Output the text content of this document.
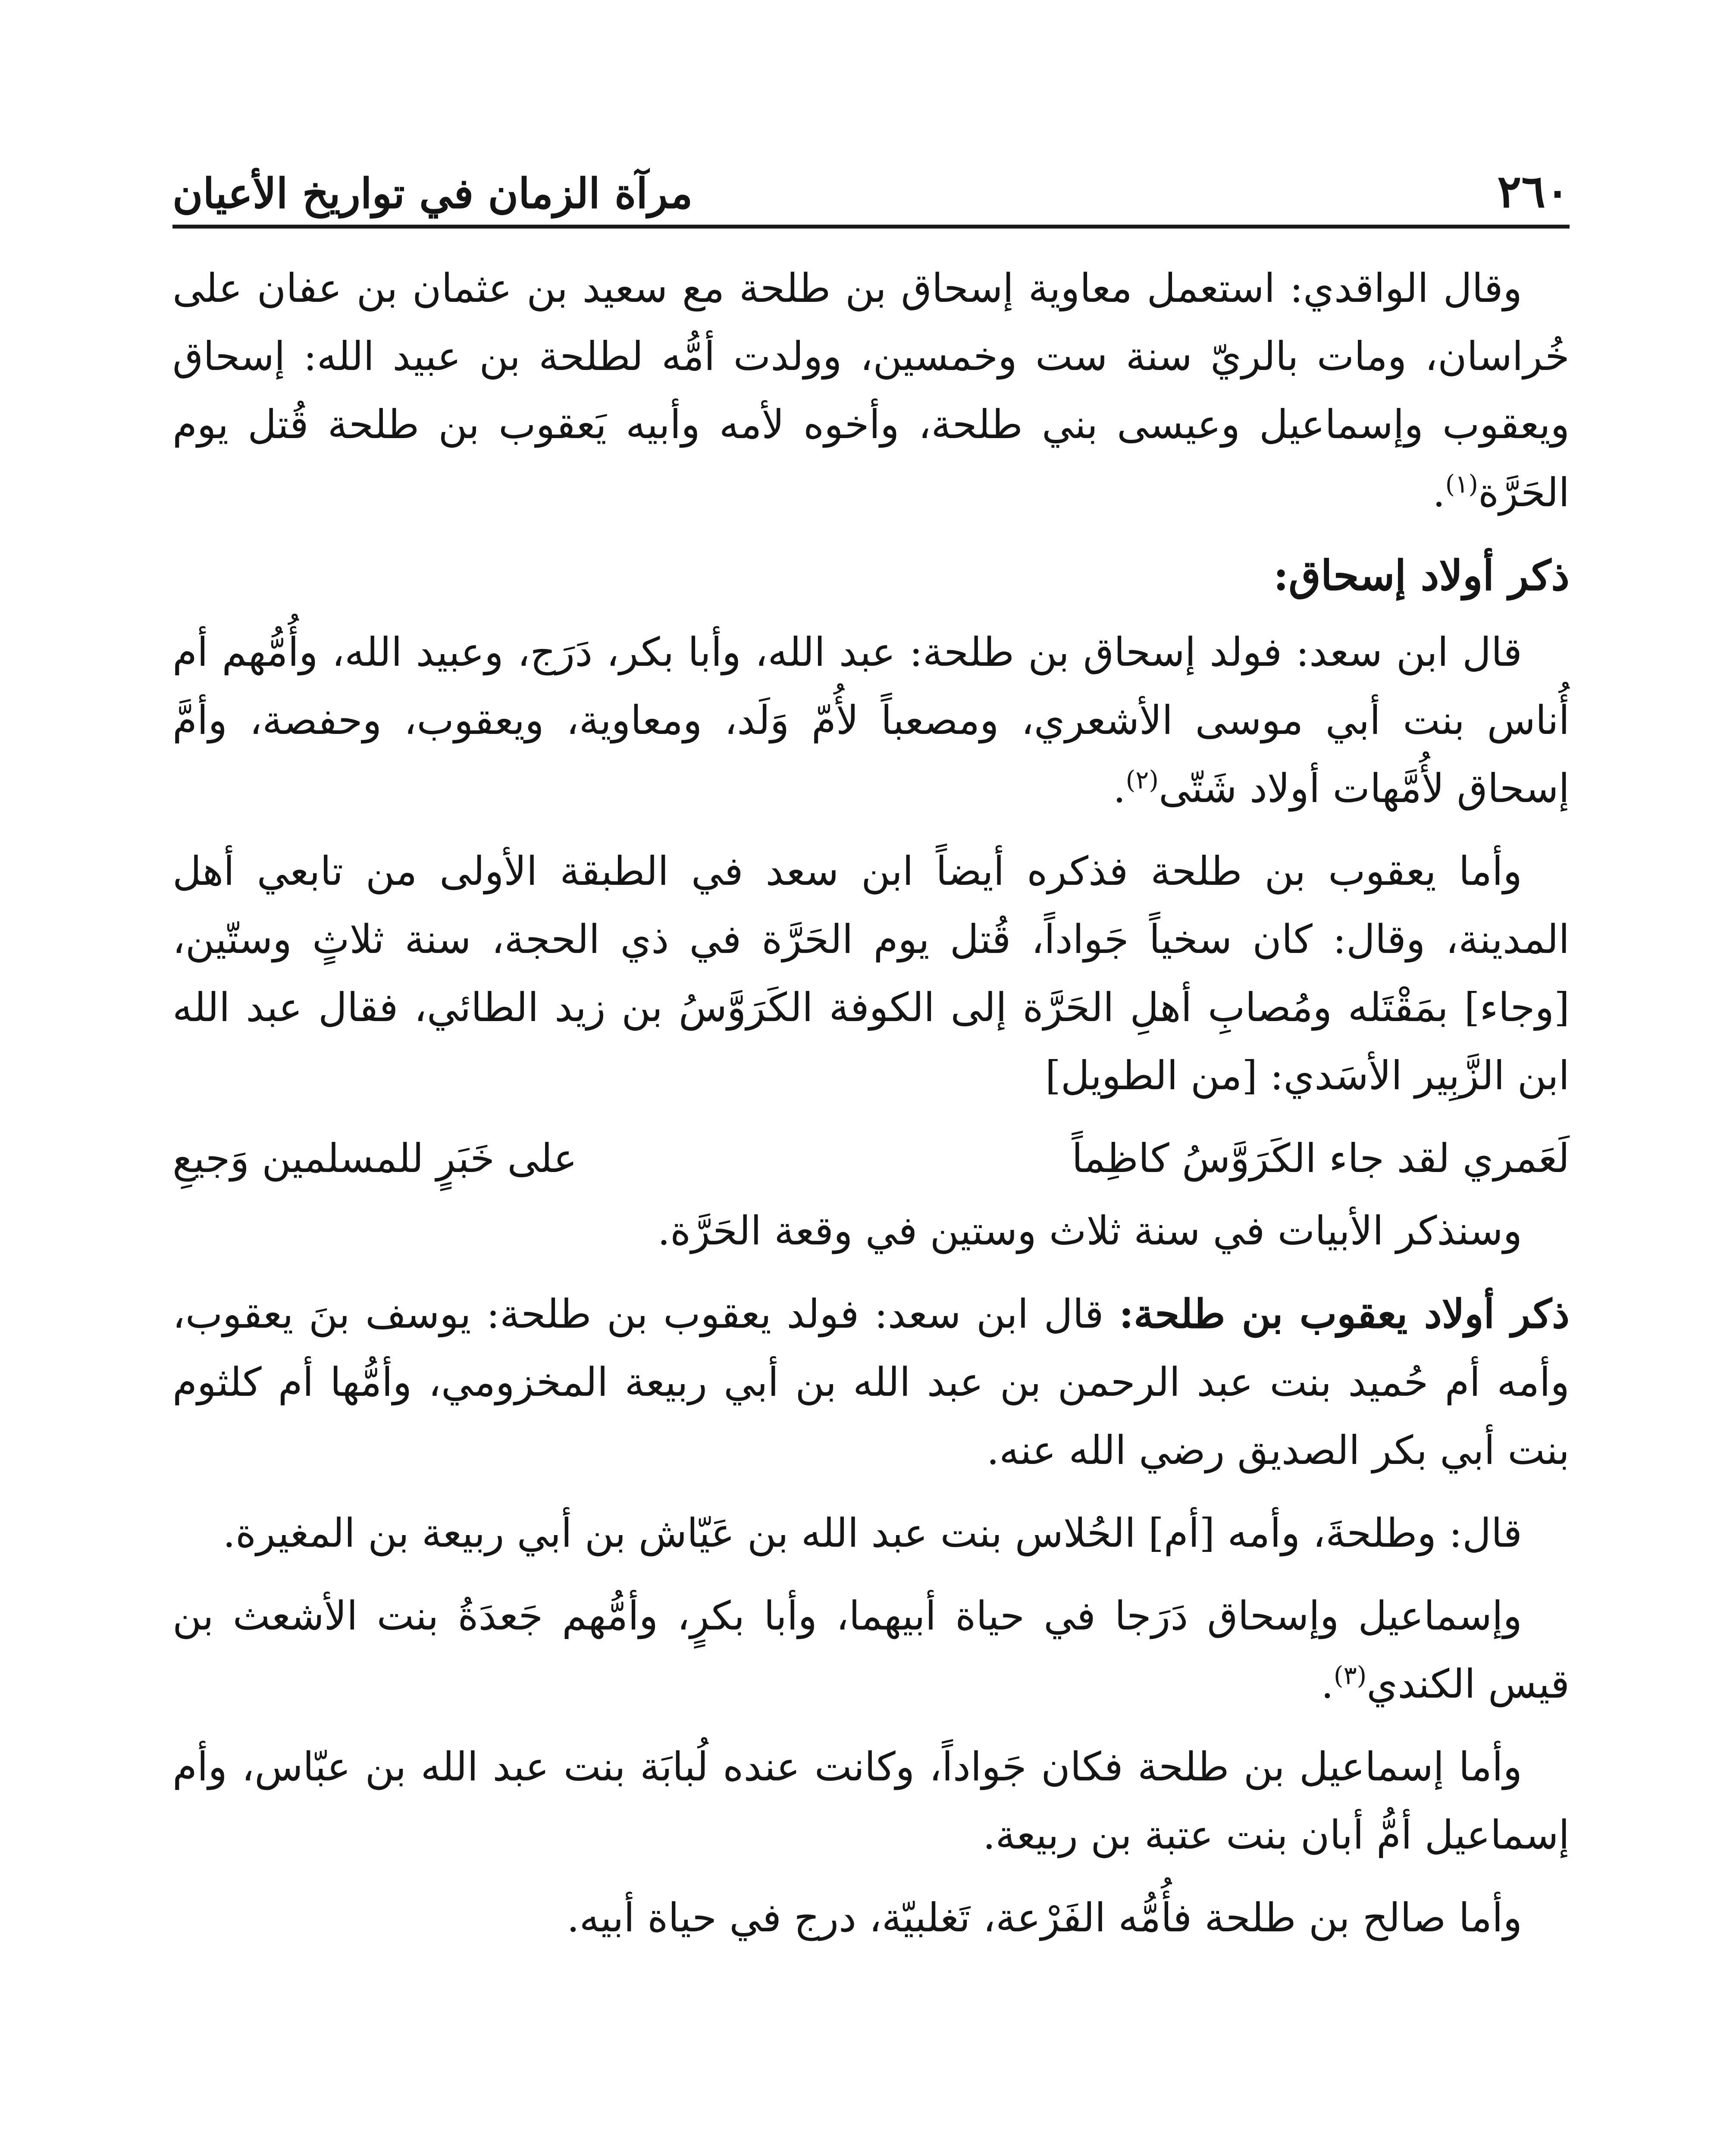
٢٦٠
مرآة الزمان في تواريخ الأعيان

وقال الواقدي: استعمل معاوية إسحاق بن طلحة مع سعيد بن عثمان بن عفان على خُراسان، ومات بالريّ سنة ست وخمسين، وولدت أمُّه لطلحة بن عبيد الله: إسحاق ويعقوب وإسماعيل وعيسى بني طلحة، وأخوه لأمه وأبيه يَعقوب بن طلحة قُتل يوم الحَرَّة$^{(١)}$.

ذكر أولاد إسحاق:

قال ابن سعد: فولد إسحاق بن طلحة: عبد الله، وأبا بكر، دَرَج، وعبيد الله، وأُمُّهم أم أُناس بنت أبي موسى الأشعري، ومصعباً لأُمّ وَلَد، ومعاوية، ويعقوب، وحفصة، وأمَّ إسحاق لأُمَّهات أولاد شَتّى$^{(٢)}$.

وأما يعقوب بن طلحة فذكره أيضاً ابن سعد في الطبقة الأولى من تابعي أهل المدينة، وقال: كان سخياً جَواداً، قُتل يوم الحَرَّة في ذي الحجة، سنة ثلاثٍ وستّين، [وجاء] بمَقْتَله ومُصابِ أهلِ الحَرَّة إلى الكوفة الكَرَوَّسُ بن زيد الطائي، فقال عبد الله ابن الزَّبِير الأسَدي: [من الطويل]

لَعَمري لقد جاء الكَرَوَّسُ كاظِماً
على خَبَرٍ للمسلمين وَجيعِ

وسنذكر الأبيات في سنة ثلاث وستين في وقعة الحَرَّة.

ذكر أولاد يعقوب بن طلحة: قال ابن سعد: فولد يعقوب بن طلحة: يوسف بنَ يعقوب، وأمه أم حُميد بنت عبد الرحمن بن عبد الله بن أبي ربيعة المخزومي، وأمُّها أم كلثوم بنت أبي بكر الصديق رضي الله عنه.

قال: وطلحةَ، وأمه [أم] الحُلاس بنت عبد الله بن عَيّاش بن أبي ربيعة بن المغيرة.

وإسماعيل وإسحاق دَرَجا في حياة أبيهما، وأبا بكرٍ، وأمُّهم جَعدَةُ بنت الأشعث بن قيس الكندي$^{(٣)}$.

وأما إسماعيل بن طلحة فكان جَواداً، وكانت عنده لُبابَة بنت عبد الله بن عبّاس، وأم إسماعيل أمُّ أبان بنت عتبة بن ربيعة.

وأما صالح بن طلحة فأُمُّه الفَرْعة، تَغلبيّة، درج في حياة أبيه.
